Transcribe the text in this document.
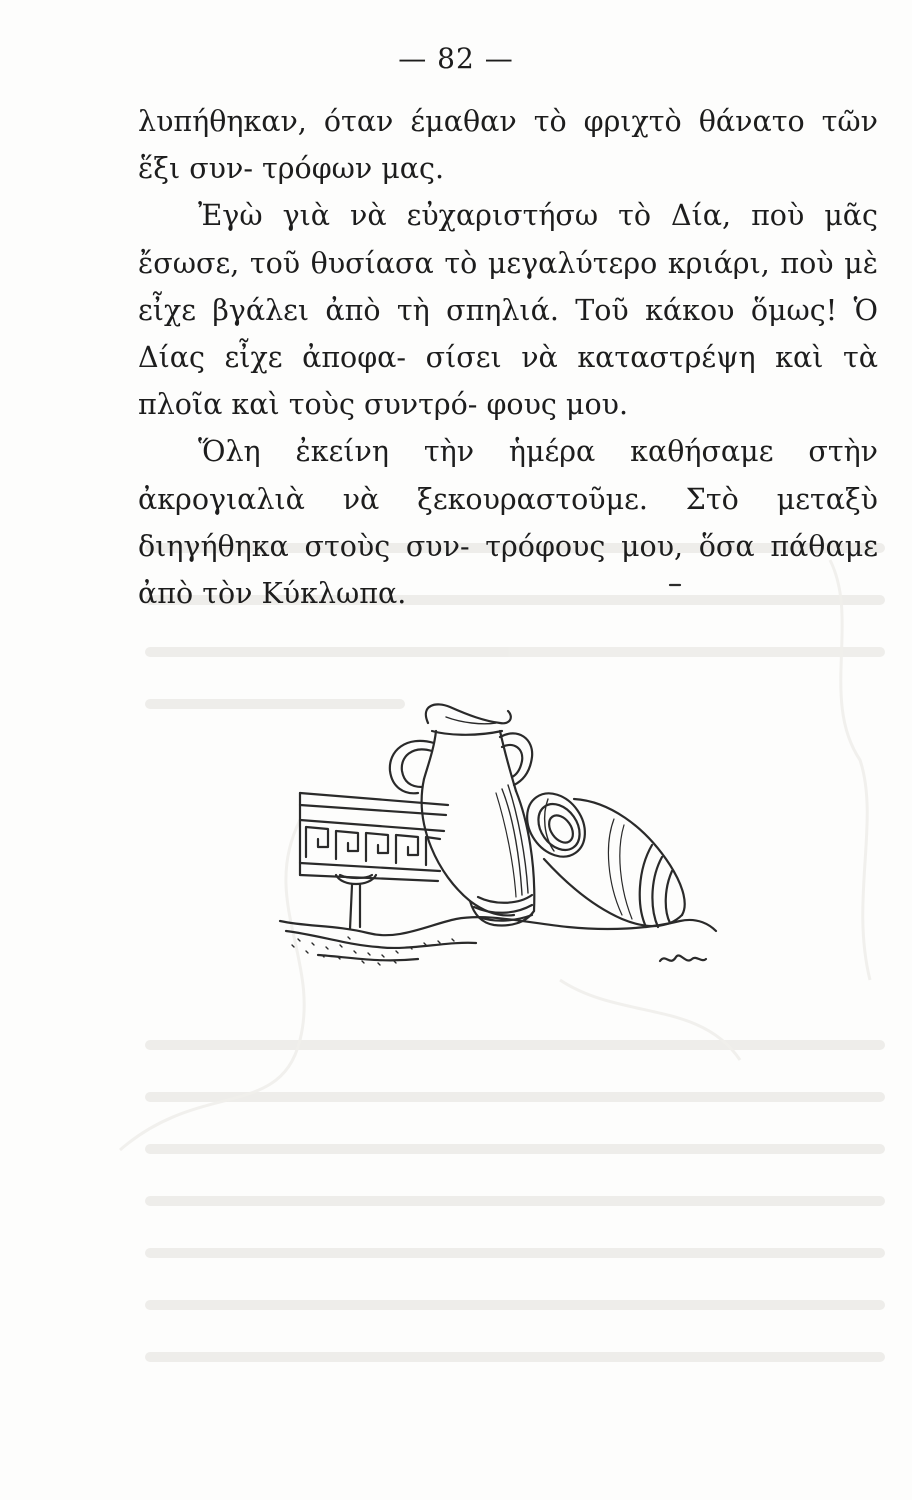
— 82 —

λυπήθηκαν, όταν έμαθαν τὸ φριχτὸ θάνατο τῶν ἕξι συν- τρόφων μας.

Ἐγὼ γιὰ νὰ εὐχαριστήσω τὸ Δία, ποὺ μᾶς ἔσωσε, τοῦ θυσίασα τὸ μεγαλύτερο κριάρι, ποὺ μὲ εἶχε βγάλει ἀπὸ τὴ σπηλιά. Τοῦ κάκου ὅμως! Ὁ Δίας εἶχε ἀποφα- σίσει νὰ καταστρέψη καὶ τὰ πλοῖα καὶ τοὺς συντρό- φους μου.

Ὅλη ἐκείνη τὴν ἡμέρα καθήσαμε στὴν ἀκρογιαλιὰ νὰ ξεκουραστοῦμε. Στὸ μεταξὺ διηγήθηκα στοὺς συν- τρόφους μου, ὅσα πάθαμε ἀπὸ τὸν Κύκλωπα.
